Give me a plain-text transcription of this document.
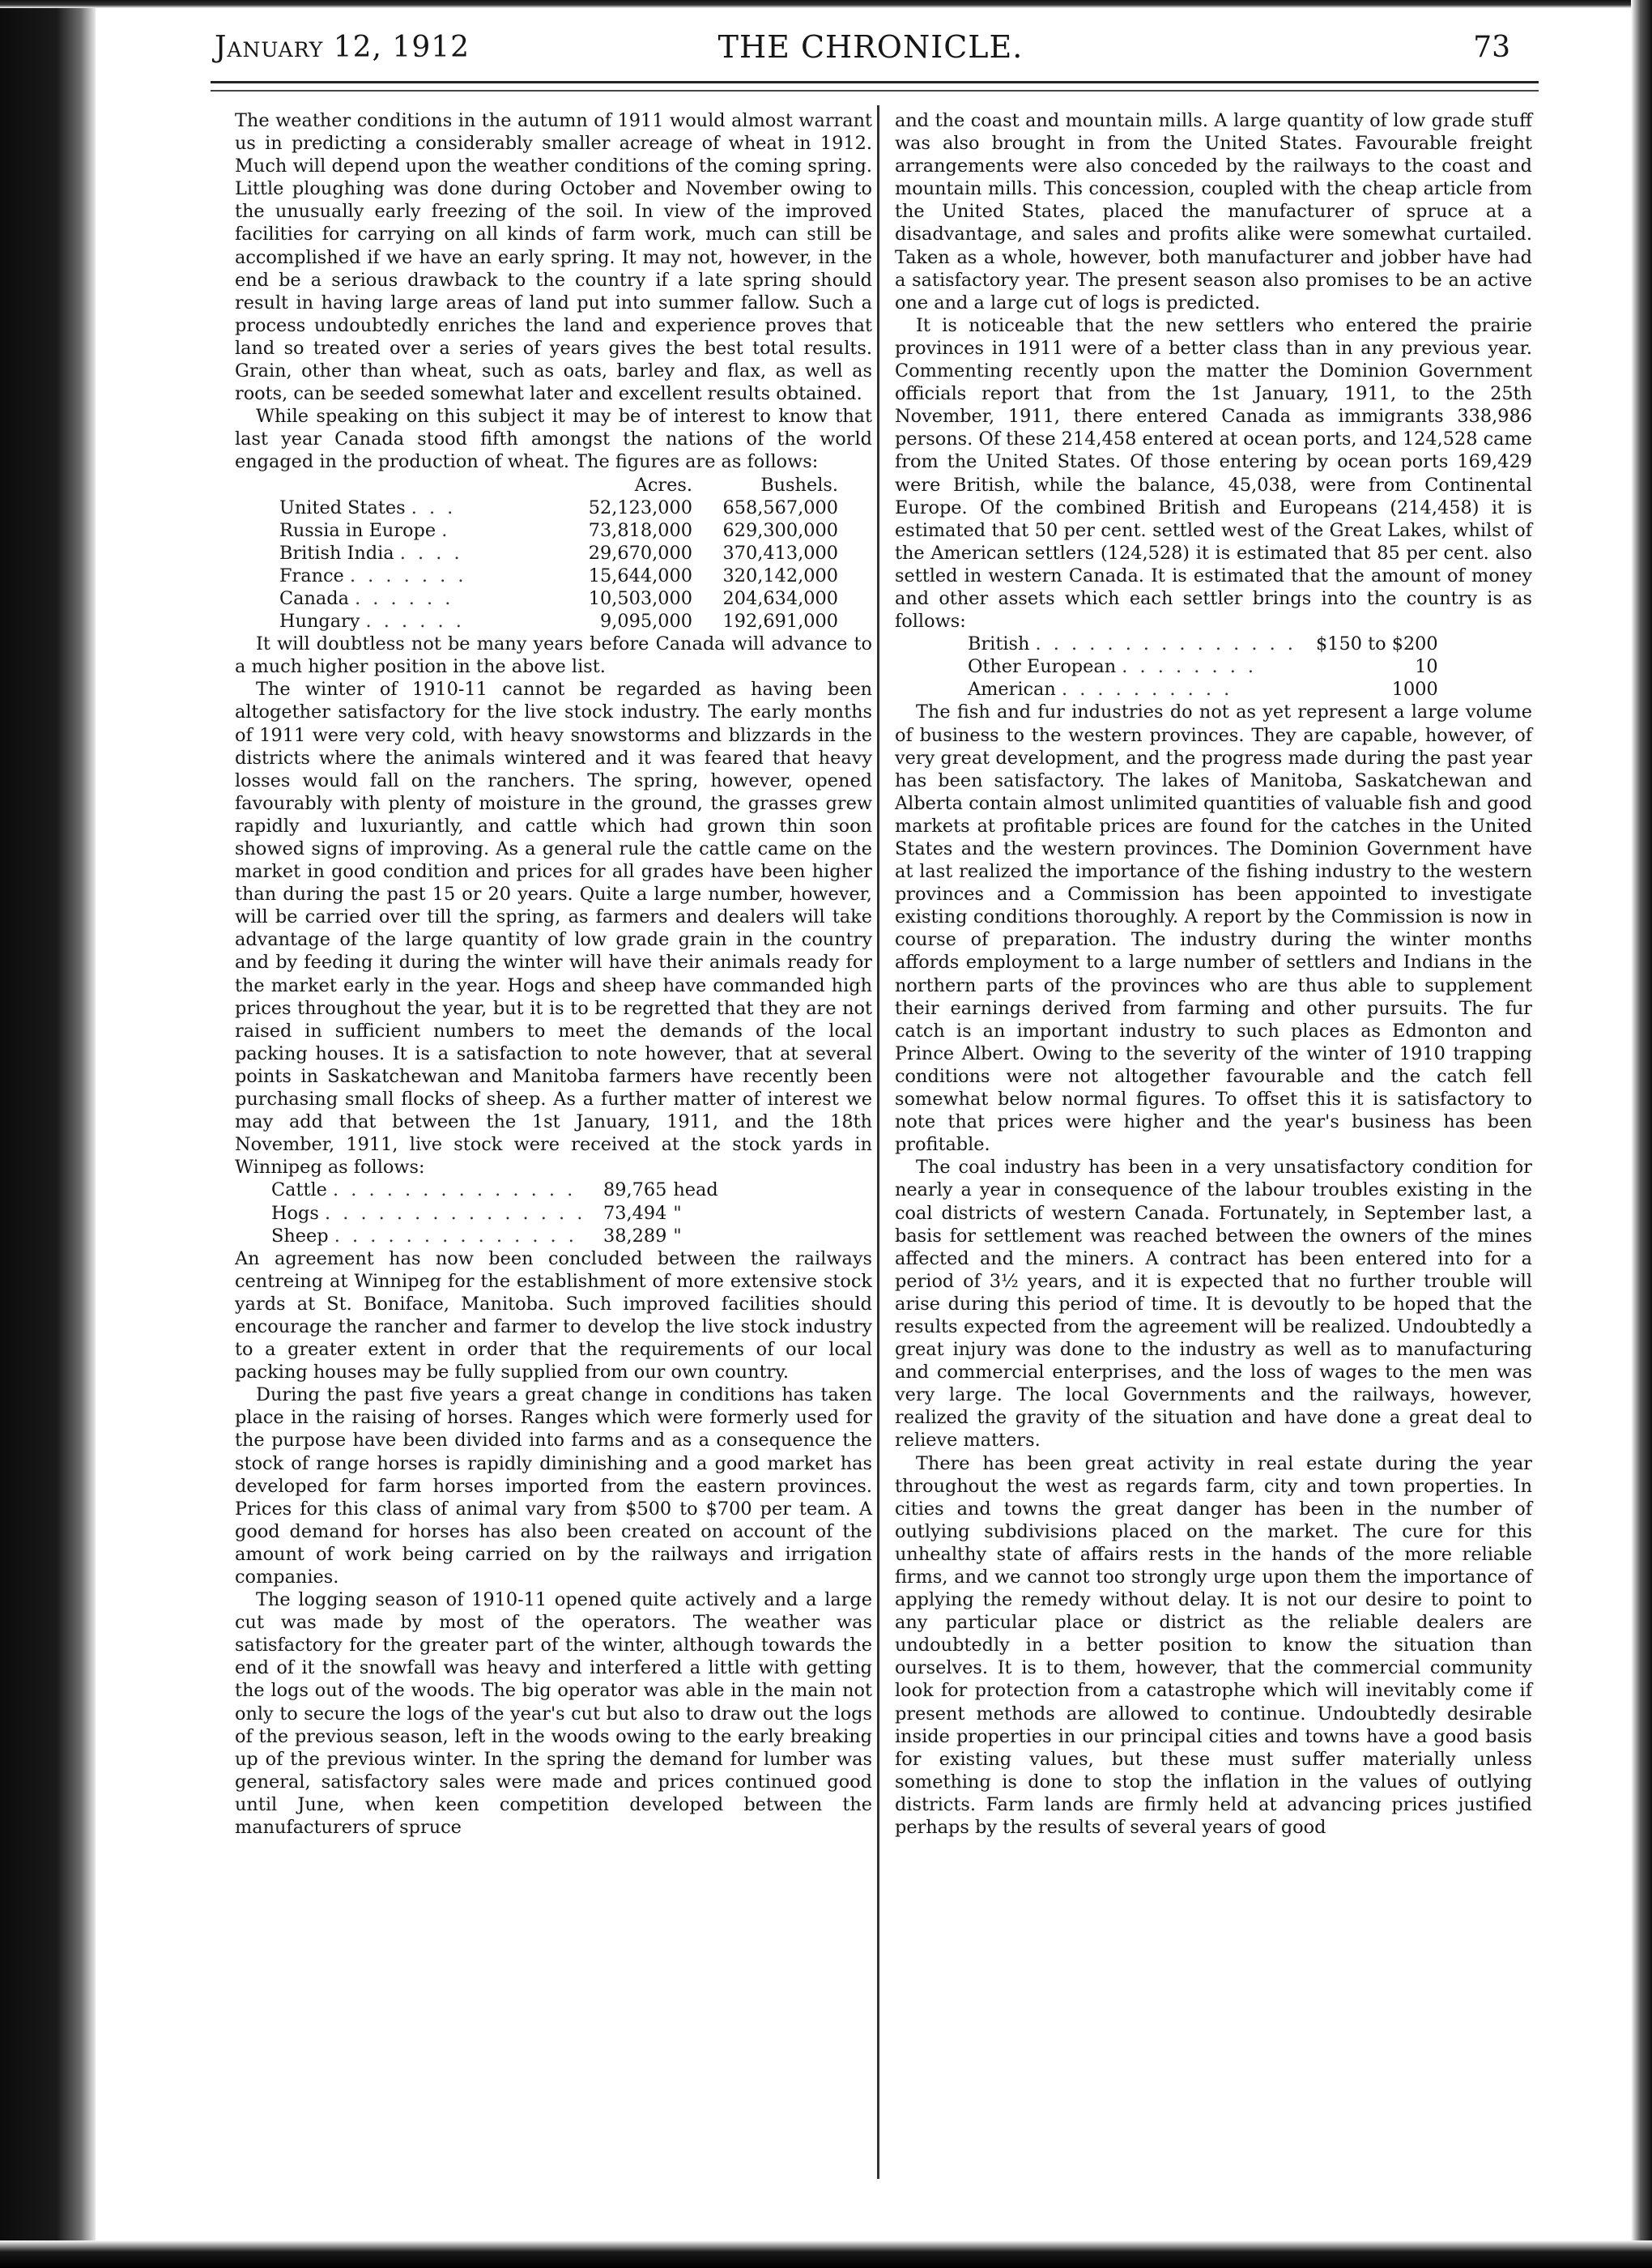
January 12, 1912	THE CHRONICLE.	73

The weather conditions in the autumn of 1911 would almost warrant us in predicting a considerably smaller acreage of wheat in 1912. Much will depend upon the weather conditions of the coming spring. Little ploughing was done during October and November owing to the unusually early freezing of the soil. In view of the improved facilities for carrying on all kinds of farm work, much can still be accomplished if we have an early spring. It may not, however, in the end be a serious drawback to the country if a late spring should result in having large areas of land put into summer fallow. Such a process undoubtedly enriches the land and experience proves that land so treated over a series of years gives the best total results. Grain, other than wheat, such as oats, barley and flax, as well as roots, can be seeded somewhat later and excellent results obtained.

While speaking on this subject it may be of interest to know that last year Canada stood fifth amongst the nations of the world engaged in the production of wheat. The figures are as follows:

	Acres.	Bushels.
United States . . .	52,123,000	658,567,000
Russia in Europe .	73,818,000	629,300,000
British India . . . .	29,670,000	370,413,000
France . . . . . . .	15,644,000	320,142,000
Canada . . . . . .	10,503,000	204,634,000
Hungary . . . . . .	9,095,000	192,691,000

It will doubtless not be many years before Canada will advance to a much higher position in the above list.

The winter of 1910-11 cannot be regarded as having been altogether satisfactory for the live stock industry. The early months of 1911 were very cold, with heavy snowstorms and blizzards in the districts where the animals wintered and it was feared that heavy losses would fall on the ranchers. The spring, however, opened favourably with plenty of moisture in the ground, the grasses grew rapidly and luxuriantly, and cattle which had grown thin soon showed signs of improving. As a general rule the cattle came on the market in good condition and prices for all grades have been higher than during the past 15 or 20 years. Quite a large number, however, will be carried over till the spring, as farmers and dealers will take advantage of the large quantity of low grade grain in the country and by feeding it during the winter will have their animals ready for the market early in the year. Hogs and sheep have commanded high prices throughout the year, but it is to be regretted that they are not raised in sufficient numbers to meet the demands of the local packing houses. It is a satisfaction to note however, that at several points in Saskatchewan and Manitoba farmers have recently been purchasing small flocks of sheep. As a further matter of interest we may add that between the 1st January, 1911, and the 18th November, 1911, live stock were received at the stock yards in Winnipeg as follows:

Cattle . . . . . . . . . . . . . .	89,765	head
Hogs . . . . . . . . . . . . . . .	73,494	"
Sheep . . . . . . . . . . . . . .	38,289	"

An agreement has now been concluded between the railways centreing at Winnipeg for the establishment of more extensive stock yards at St. Boniface, Manitoba. Such improved facilities should encourage the rancher and farmer to develop the live stock industry to a greater extent in order that the requirements of our local packing houses may be fully supplied from our own country.

During the past five years a great change in conditions has taken place in the raising of horses. Ranges which were formerly used for the purpose have been divided into farms and as a consequence the stock of range horses is rapidly diminishing and a good market has developed for farm horses imported from the eastern provinces. Prices for this class of animal vary from $500 to $700 per team. A good demand for horses has also been created on account of the amount of work being carried on by the railways and irrigation companies.

The logging season of 1910-11 opened quite actively and a large cut was made by most of the operators. The weather was satisfactory for the greater part of the winter, although towards the end of it the snowfall was heavy and interfered a little with getting the logs out of the woods. The big operator was able in the main not only to secure the logs of the year's cut but also to draw out the logs of the previous season, left in the woods owing to the early breaking up of the previous winter. In the spring the demand for lumber was general, satisfactory sales were made and prices continued good until June, when keen competition developed between the manufacturers of spruce

and the coast and mountain mills. A large quantity of low grade stuff was also brought in from the United States. Favourable freight arrangements were also conceded by the railways to the coast and mountain mills. This concession, coupled with the cheap article from the United States, placed the manufacturer of spruce at a disadvantage, and sales and profits alike were somewhat curtailed. Taken as a whole, however, both manufacturer and jobber have had a satisfactory year. The present season also promises to be an active one and a large cut of logs is predicted.

It is noticeable that the new settlers who entered the prairie provinces in 1911 were of a better class than in any previous year. Commenting recently upon the matter the Dominion Government officials report that from the 1st January, 1911, to the 25th November, 1911, there entered Canada as immigrants 338,986 persons. Of these 214,458 entered at ocean ports, and 124,528 came from the United States. Of those entering by ocean ports 169,429 were British, while the balance, 45,038, were from Continental Europe. Of the combined British and Europeans (214,458) it is estimated that 50 per cent. settled west of the Great Lakes, whilst of the American settlers (124,528) it is estimated that 85 per cent. also settled in western Canada. It is estimated that the amount of money and other assets which each settler brings into the country is as follows:

British . . . . . . . . . . . . . . .	$150 to $200
Other European . . . . . . . .	10
American . . . . . . . . . .	1000

The fish and fur industries do not as yet represent a large volume of business to the western provinces. They are capable, however, of very great development, and the progress made during the past year has been satisfactory. The lakes of Manitoba, Saskatchewan and Alberta contain almost unlimited quantities of valuable fish and good markets at profitable prices are found for the catches in the United States and the western provinces. The Dominion Government have at last realized the importance of the fishing industry to the western provinces and a Commission has been appointed to investigate existing conditions thoroughly. A report by the Commission is now in course of preparation. The industry during the winter months affords employment to a large number of settlers and Indians in the northern parts of the provinces who are thus able to supplement their earnings derived from farming and other pursuits. The fur catch is an important industry to such places as Edmonton and Prince Albert. Owing to the severity of the winter of 1910 trapping conditions were not altogether favourable and the catch fell somewhat below normal figures. To offset this it is satisfactory to note that prices were higher and the year's business has been profitable.

The coal industry has been in a very unsatisfactory condition for nearly a year in consequence of the labour troubles existing in the coal districts of western Canada. Fortunately, in September last, a basis for settlement was reached between the owners of the mines affected and the miners. A contract has been entered into for a period of 3½ years, and it is expected that no further trouble will arise during this period of time. It is devoutly to be hoped that the results expected from the agreement will be realized. Undoubtedly a great injury was done to the industry as well as to manufacturing and commercial enterprises, and the loss of wages to the men was very large. The local Governments and the railways, however, realized the gravity of the situation and have done a great deal to relieve matters.

There has been great activity in real estate during the year throughout the west as regards farm, city and town properties. In cities and towns the great danger has been in the number of outlying subdivisions placed on the market. The cure for this unhealthy state of affairs rests in the hands of the more reliable firms, and we cannot too strongly urge upon them the importance of applying the remedy without delay. It is not our desire to point to any particular place or district as the reliable dealers are undoubtedly in a better position to know the situation than ourselves. It is to them, however, that the commercial community look for protection from a catastrophe which will inevitably come if present methods are allowed to continue. Undoubtedly desirable inside properties in our principal cities and towns have a good basis for existing values, but these must suffer materially unless something is done to stop the inflation in the values of outlying districts. Farm lands are firmly held at advancing prices justified perhaps by the results of several years of good
